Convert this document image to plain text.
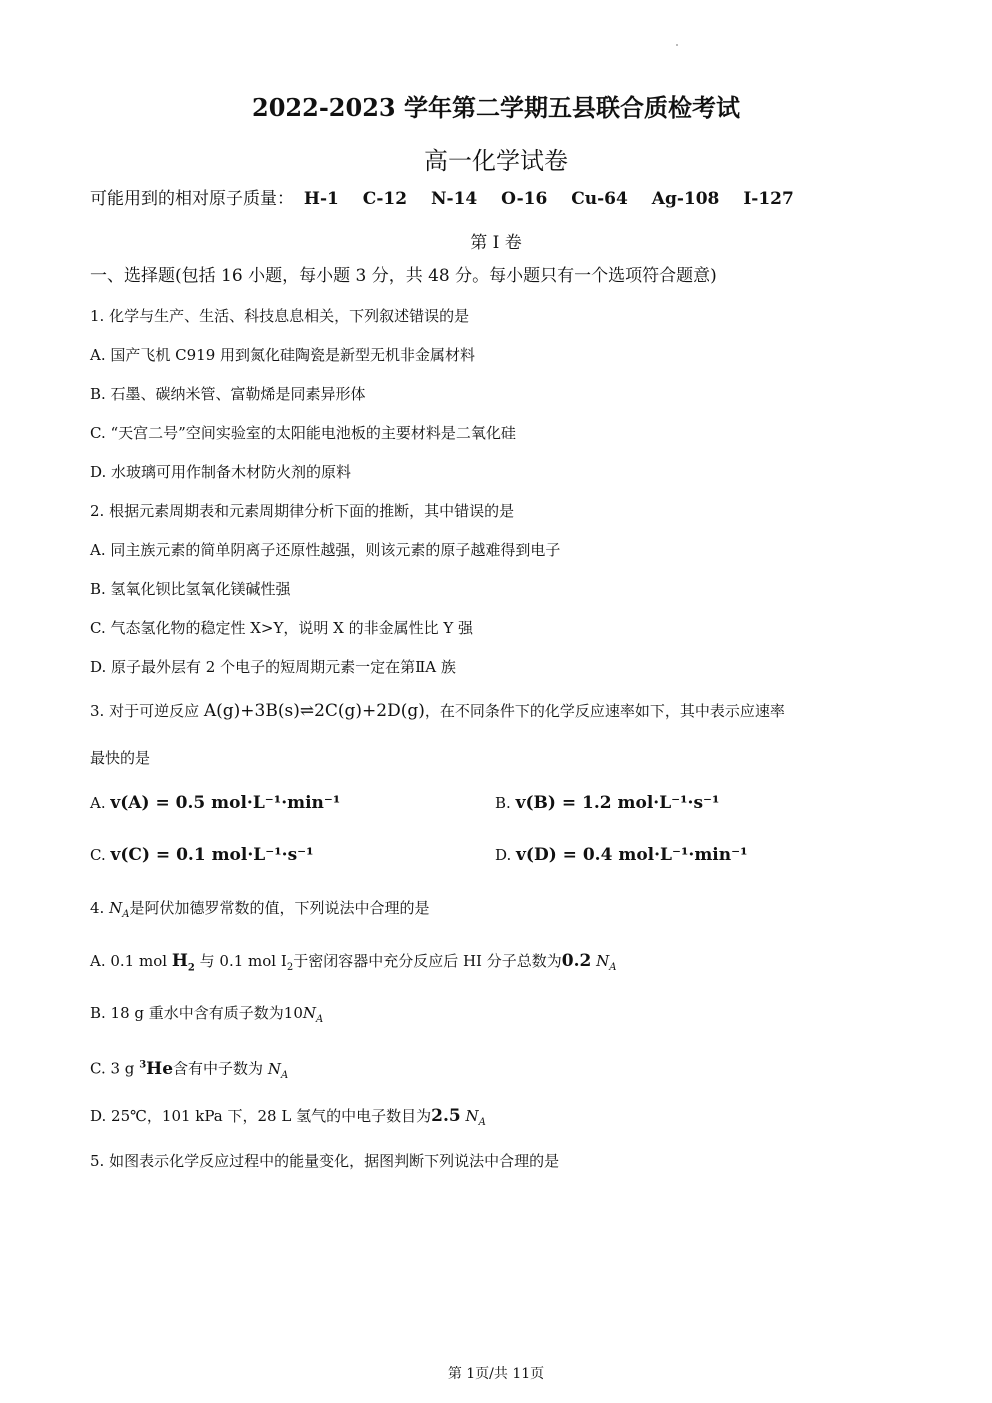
2022-2023 学年第二学期五县联合质检考试
高一化学试卷
可能用到的相对原子质量： H-1 C-12 N-14 O-16 Cu-64 Ag-108 I-127
第 I 卷
一、选择题(包括 16 小题，每小题 3 分，共 48 分。每小题只有一个选项符合题意)
1. 化学与生产、生活、科技息息相关，下列叙述错误的是
A. 国产飞机 C919 用到氮化硅陶瓷是新型无机非金属材料
B. 石墨、碳纳米管、富勒烯是同素异形体
C. “天宫二号”空间实验室的太阳能电池板的主要材料是二氧化硅
D. 水玻璃可用作制备木材防火剂的原料
2. 根据元素周期表和元素周期律分析下面的推断，其中错误的是
A. 同主族元素的简单阴离子还原性越强，则该元素的原子越难得到电子
B. 氢氧化钡比氢氧化镁碱性强
C. 气态氢化物的稳定性 X>Y，说明 X 的非金属性比 Y 强
D. 原子最外层有 2 个电子的短周期元素一定在第ⅡA 族
3. 对于可逆反应 A(g)+3B(s)⇌2C(g)+2D(g)，在不同条件下的化学反应速率如下，其中表示应速率
最快的是
A. v(A) = 0.5 mol·L⁻¹·min⁻¹	B. v(B) = 1.2 mol·L⁻¹·s⁻¹
C. v(C) = 0.1 mol·L⁻¹·s⁻¹	D. v(D) = 0.4 mol·L⁻¹·min⁻¹
4. $N_A$是阿伏加德罗常数的值，下列说法中合理的是
A. 0.1 mol $H_2$ 与 0.1 mol $I_2$于密闭容器中充分反应后 HI 分子总数为0.2 $N_A$
B. 18 g 重水中含有质子数为$10N_A$
C. 3 g $^3$He含有中子数为 $N_A$
D. 25℃，101 kPa 下，28 L 氢气的中电子数目为2.5 $N_A$
5. 如图表示化学反应过程中的能量变化，据图判断下列说法中合理的是
第 1页/共 11页
